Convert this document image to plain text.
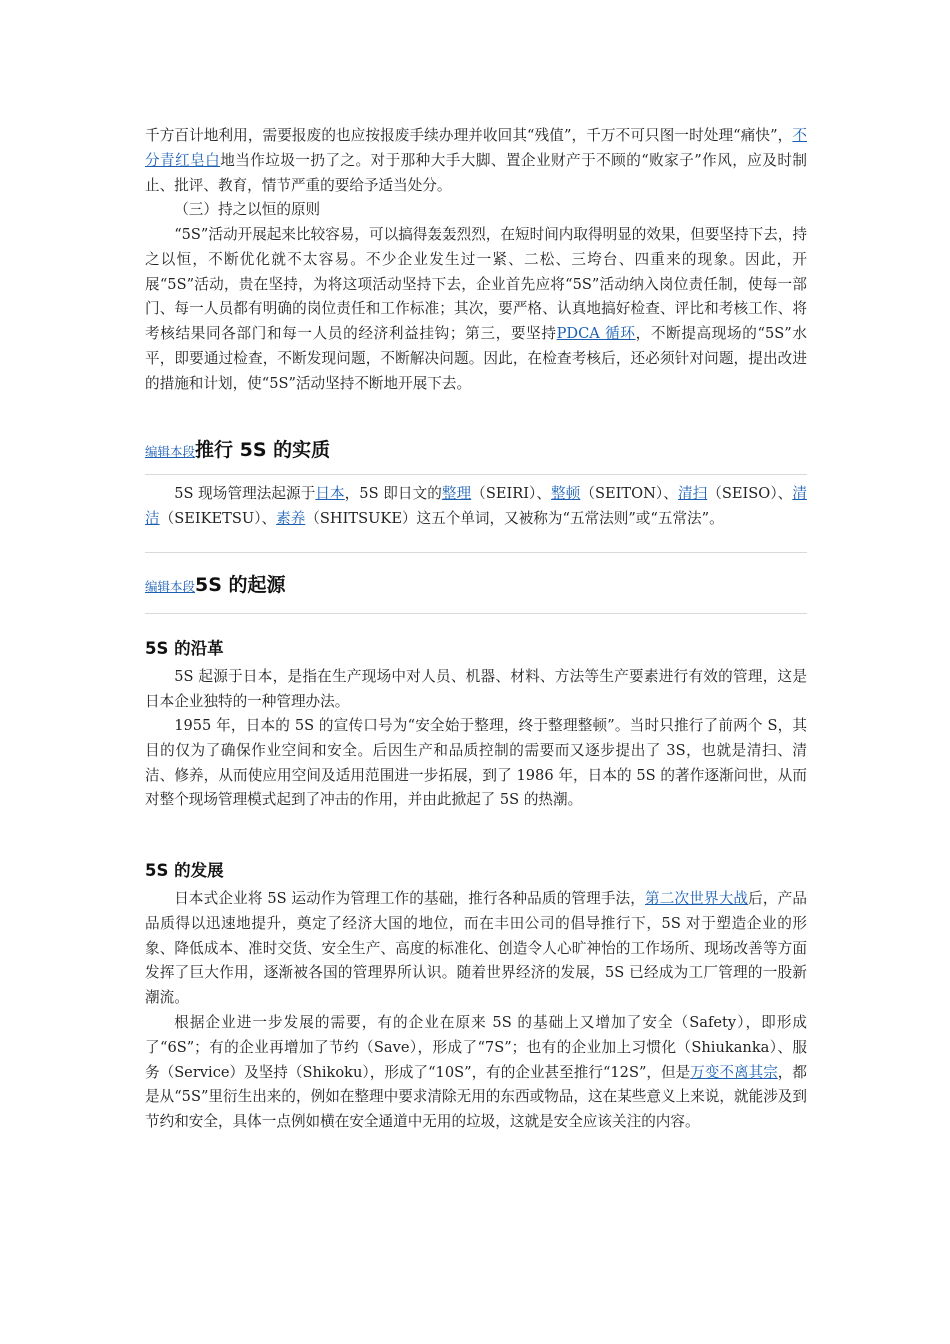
千方百计地利用，需要报废的也应按报废手续办理并收回其“残值”，千万不可只图一时处理“痛快”，不分青红皂白地当作垃圾一扔了之。对于那种大手大脚、置企业财产于不顾的“败家子”作风，应及时制止、批评、教育，情节严重的要给予适当处分。

（三）持之以恒的原则

“5S”活动开展起来比较容易，可以搞得轰轰烈烈，在短时间内取得明显的效果，但要坚持下去，持之以恒，不断优化就不太容易。不少企业发生过一紧、二松、三垮台、四重来的现象。因此，开展“5S”活动，贵在坚持，为将这项活动坚持下去，企业首先应将“5S”活动纳入岗位责任制，使每一部门、每一人员都有明确的岗位责任和工作标准；其次，要严格、认真地搞好检查、评比和考核工作、将考核结果同各部门和每一人员的经济利益挂钩；第三，要坚持PDCA 循环，不断提高现场的“5S”水平，即要通过检查，不断发现问题，不断解决问题。因此，在检查考核后，还必须针对问题，提出改进的措施和计划，使“5S”活动坚持不断地开展下去。

编辑本段 推行 5S 的实质

5S 现场管理法起源于日本，5S 即日文的整理（SEIRI）、整顿（SEITON）、清扫（SEISO）、清洁（SEIKETSU）、素养（SHITSUKE）这五个单词，又被称为“五常法则”或“五常法”。

编辑本段 5S 的起源
5S 的沿革

5S 起源于日本，是指在生产现场中对人员、机器、材料、方法等生产要素进行有效的管理，这是日本企业独特的一种管理办法。

1955 年，日本的 5S 的宣传口号为“安全始于整理，终于整理整顿”。当时只推行了前两个 S，其目的仅为了确保作业空间和安全。后因生产和品质控制的需要而又逐步提出了 3S，也就是清扫、清洁、修养，从而使应用空间及适用范围进一步拓展，到了 1986 年，日本的 5S 的著作逐渐问世，从而对整个现场管理模式起到了冲击的作用，并由此掀起了 5S 的热潮。

5S 的发展

日本式企业将 5S 运动作为管理工作的基础，推行各种品质的管理手法，第二次世界大战后，产品品质得以迅速地提升，奠定了经济大国的地位，而在丰田公司的倡导推行下，5S 对于塑造企业的形象、降低成本、准时交货、安全生产、高度的标准化、创造令人心旷神怡的工作场所、现场改善等方面发挥了巨大作用，逐渐被各国的管理界所认识。随着世界经济的发展，5S 已经成为工厂管理的一股新潮流。

根据企业进一步发展的需要，有的企业在原来 5S 的基础上又增加了安全（Safety），即形成了“6S”；有的企业再增加了节约（Save），形成了“7S”；也有的企业加上习惯化（Shiukanka）、服务（Service）及坚持（Shikoku），形成了“10S”，有的企业甚至推行“12S”，但是万变不离其宗，都是从“5S”里衍生出来的，例如在整理中要求清除无用的东西或物品，这在某些意义上来说，就能涉及到节约和安全，具体一点例如横在安全通道中无用的垃圾，这就是安全应该关注的内容。
